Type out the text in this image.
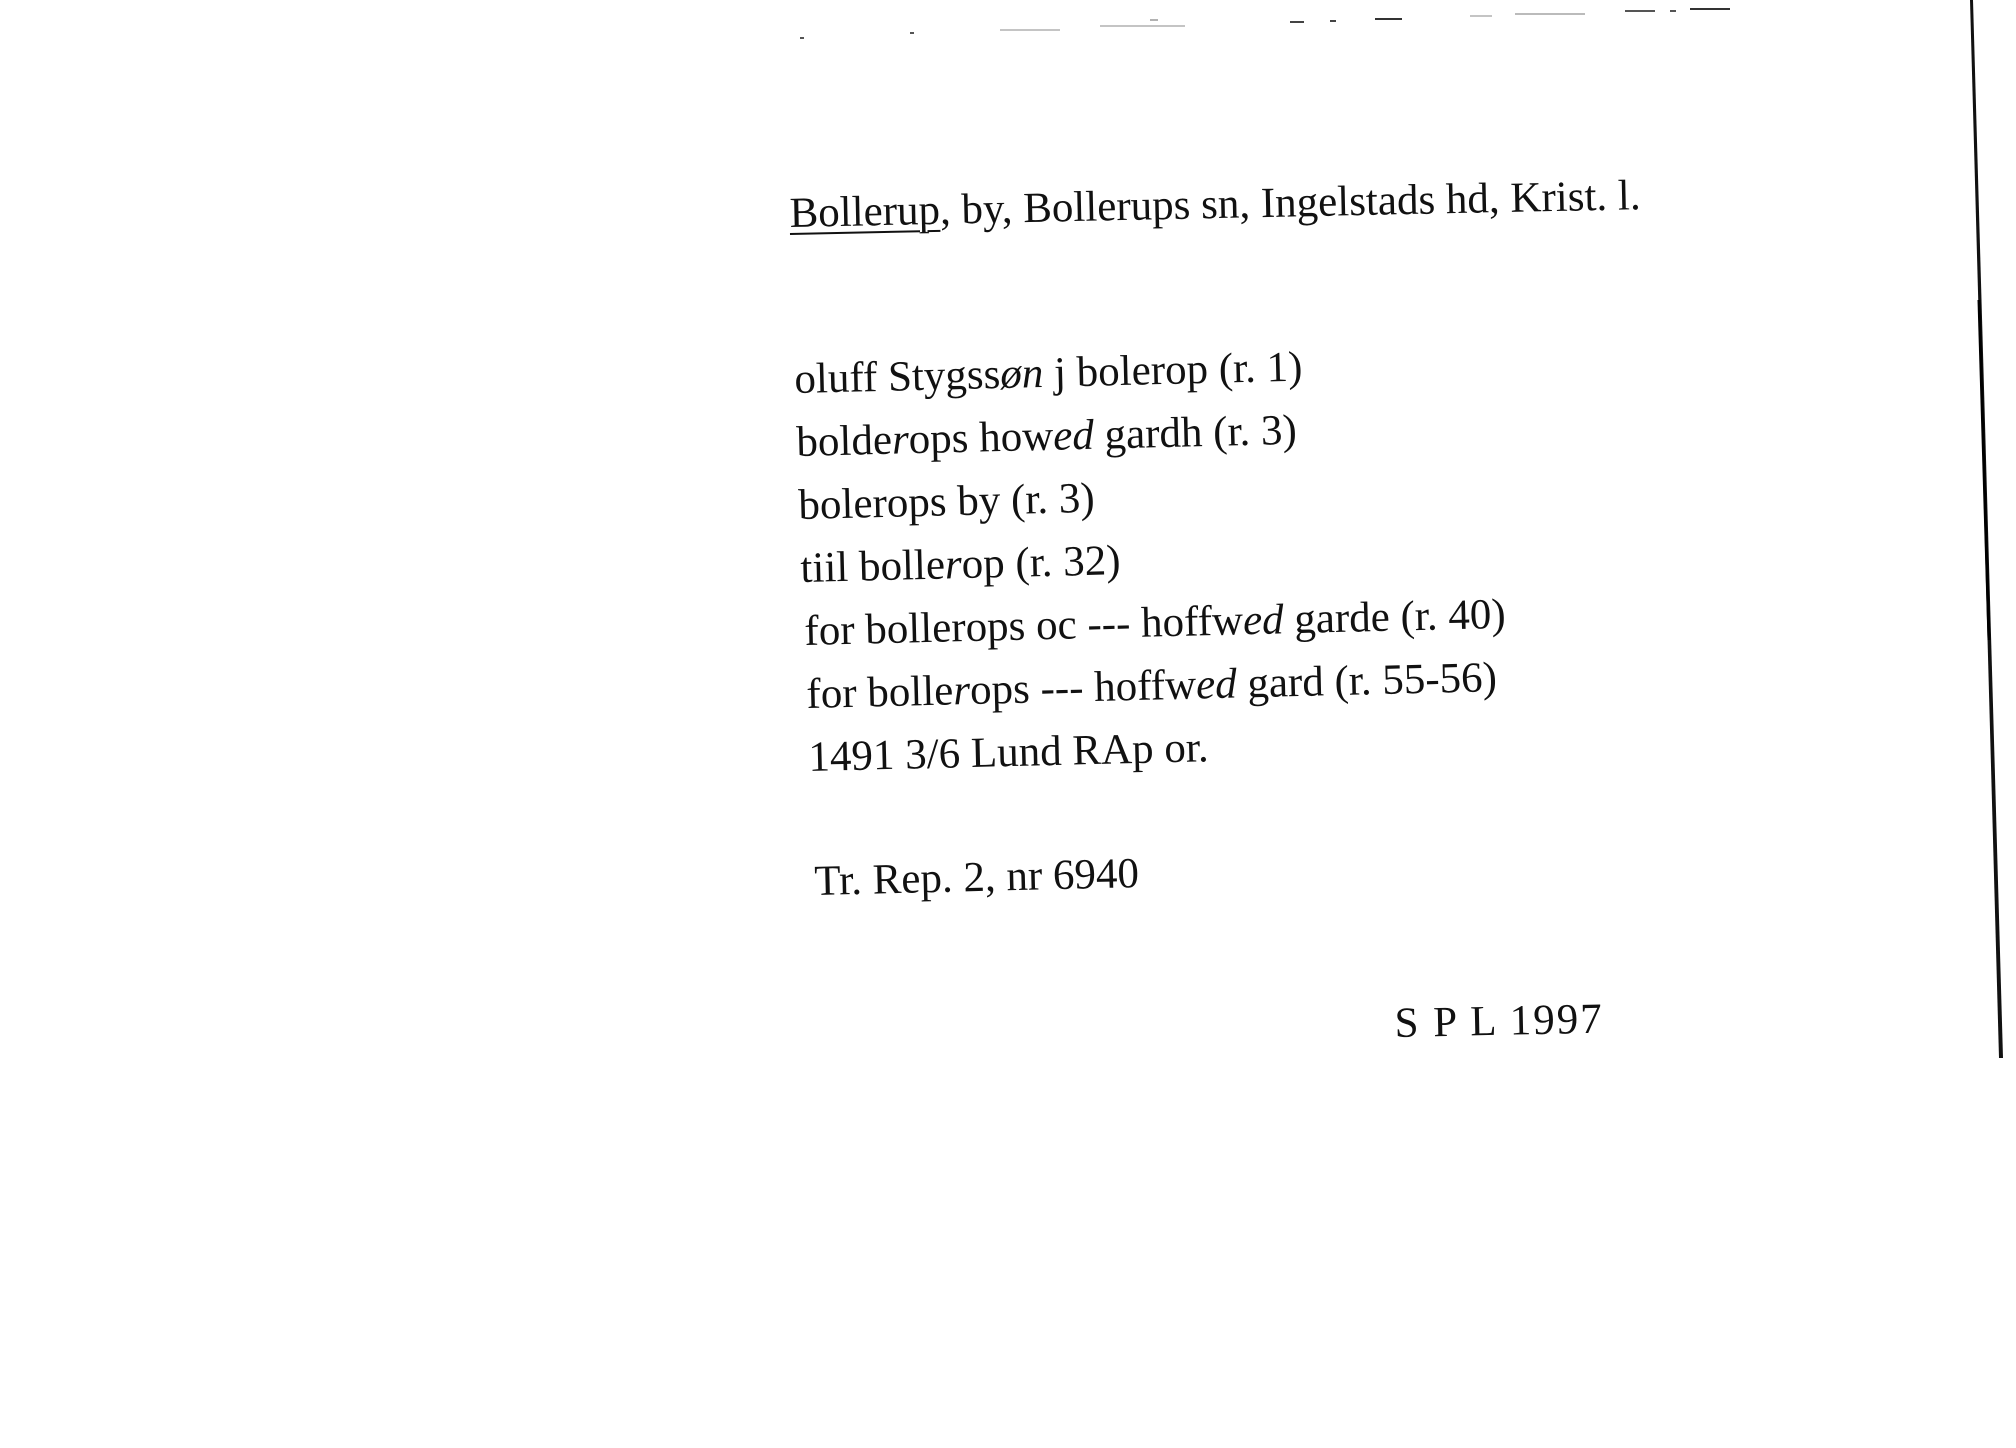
Bollerup, by, Bollerups sn, Ingelstads hd, Krist. l.
oluff Stygssøn j bolerop (r. 1)
bolderops howed gardh (r. 3)
bolerops by (r. 3)
tiil bollerop (r. 32)
for bollerops oc --- hoffwed garde (r. 40)
for bollerops --- hoffwed gard (r. 55-56)
1491 3/6 Lund RAp or.
Tr. Rep. 2, nr 6940
S P L 1997
